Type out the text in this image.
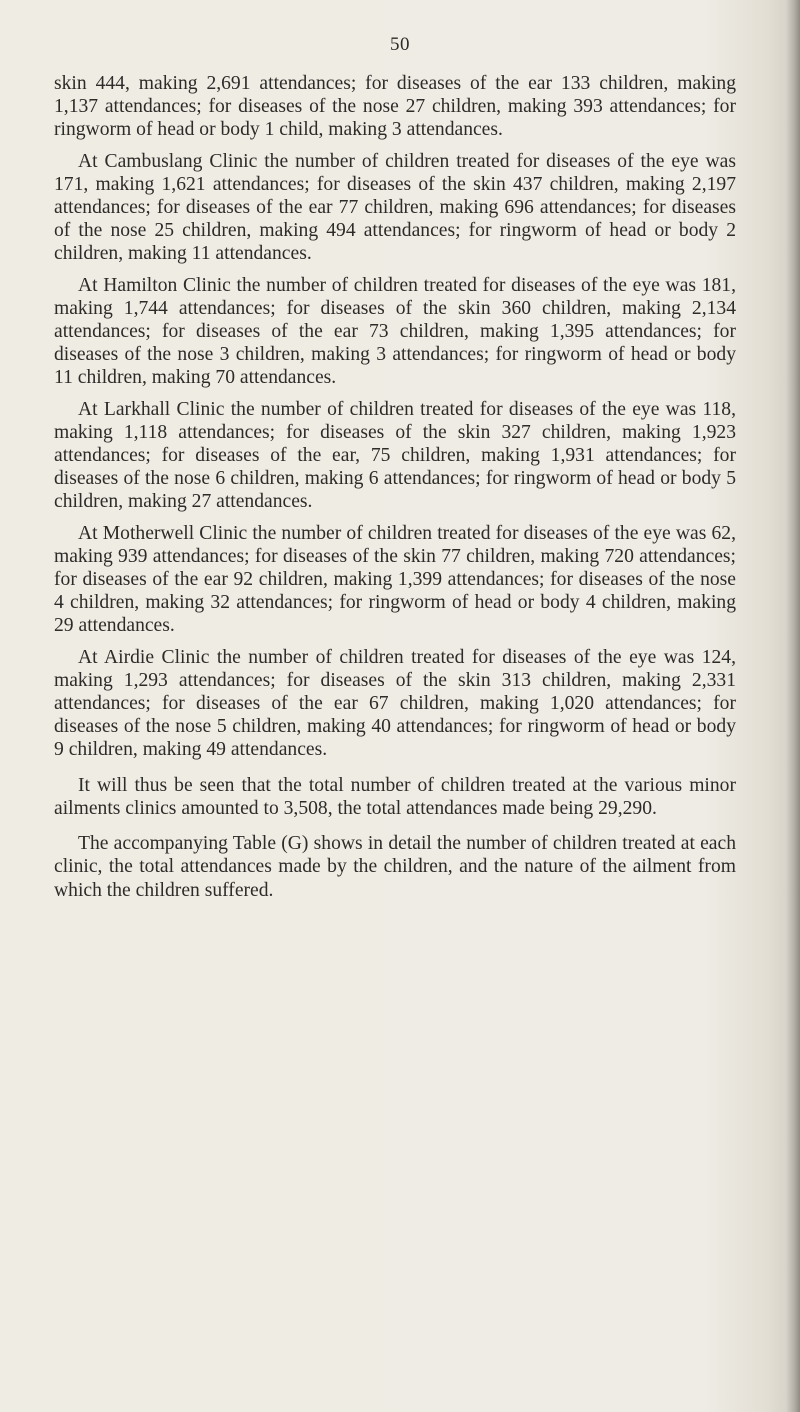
50

skin 444, making 2,691 attendances; for diseases of the ear 133 children, making 1,137 attendances; for diseases of the nose 27 children, making 393 attendances; for ringworm of head or body 1 child, making 3 attendances.

At Cambuslang Clinic the number of children treated for diseases of the eye was 171, making 1,621 attendances; for diseases of the skin 437 children, making 2,197 attendances; for diseases of the ear 77 children, making 696 attendances; for diseases of the nose 25 children, making 494 attendances; for ringworm of head or body 2 children, making 11 attendances.

At Hamilton Clinic the number of children treated for diseases of the eye was 181, making 1,744 attendances; for diseases of the skin 360 children, making 2,134 attendances; for diseases of the ear 73 children, making 1,395 attendances; for diseases of the nose 3 children, making 3 attendances; for ringworm of head or body 11 children, making 70 attendances.

At Larkhall Clinic the number of children treated for diseases of the eye was 118, making 1,118 attendances; for diseases of the skin 327 children, making 1,923 attendances; for diseases of the ear, 75 children, making 1,931 attendances; for diseases of the nose 6 children, making 6 attendances; for ringworm of head or body 5 children, making 27 attendances.

At Motherwell Clinic the number of children treated for diseases of the eye was 62, making 939 attendances; for diseases of the skin 77 children, making 720 attendances; for diseases of the ear 92 children, making 1,399 attendances; for diseases of the nose 4 children, making 32 attendances; for ringworm of head or body 4 children, making 29 attendances.

At Airdie Clinic the number of children treated for diseases of the eye was 124, making 1,293 attendances; for diseases of the skin 313 children, making 2,331 attendances; for diseases of the ear 67 children, making 1,020 attendances; for diseases of the nose 5 children, making 40 attendances; for ringworm of head or body 9 children, making 49 attendances.

It will thus be seen that the total number of children treated at the various minor ailments clinics amounted to 3,508, the total attendances made being 29,290.

The accompanying Table (G) shows in detail the number of children treated at each clinic, the total attendances made by the children, and the nature of the ailment from which the children suffered.
